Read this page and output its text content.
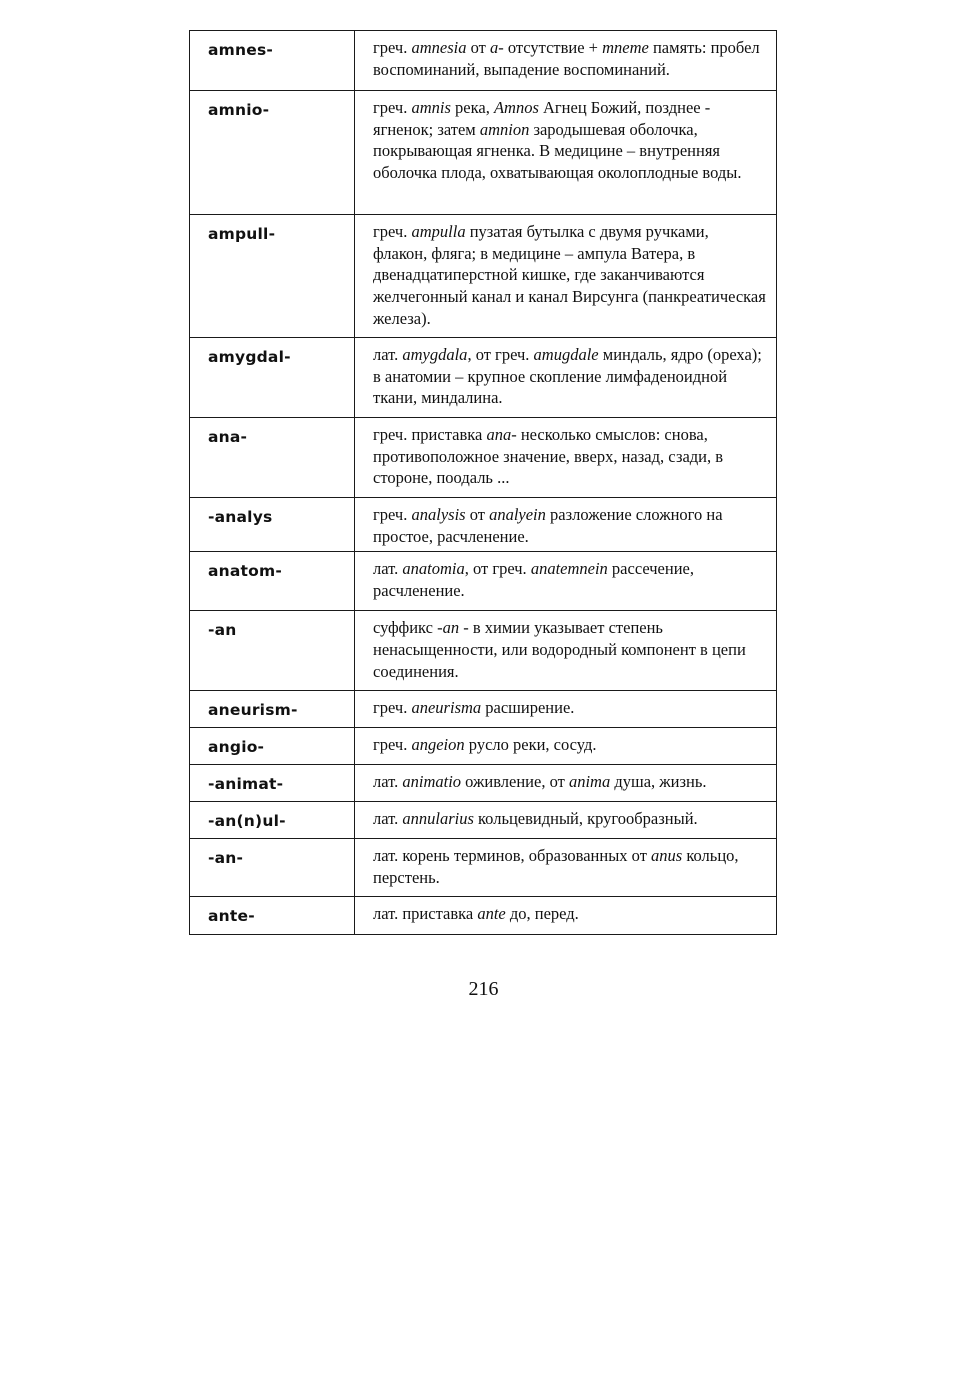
amnes-	греч. amnesia от a- отсутствие + mneme память: пробел воспоминаний, выпадение воспоминаний.
amnio-	греч. amnis река, Amnos Агнец Божий, позднее - ягненок; затем amnion зародышевая оболочка, покрывающая ягненка. В медицине – внутренняя оболочка плода, охватывающая околоплодные воды.
ampull-	греч. ampulla пузатая бутылка с двумя ручками, флакон, фляга; в медицине – ампула Ватера, в двенадцатиперстной кишке, где заканчиваются желчегонный канал и канал Вирсунга (панкреатическая железа).
amygdal-	лат. amygdala, от греч. amugdale миндаль, ядро (ореха); в анатомии – крупное скопление лимфаденоидной ткани, миндалина.
ana-	греч. приставка ana- несколько смыслов: снова, противоположное значение, вверх, назад, сзади, в стороне, поодаль ...
-analys	греч. analysis от analyein разложение сложного на простое, расчленение.
anatom-	лат. anatomia, от греч. anatemnein рассечение, расчленение.
-an	суффикс -an - в химии указывает степень ненасыщенности, или водородный компонент в цепи соединения.
aneurism-	греч. aneurisma расширение.
angio-	греч. angeion русло реки, сосуд.
-animat-	лат. animatio оживление, от anima душа, жизнь.
-an(n)ul-	лат. annularius кольцевидный, кругообразный.
-an-	лат. корень терминов, образованных от anus кольцо, перстень.
ante-	лат. приставка ante до, перед.
216
